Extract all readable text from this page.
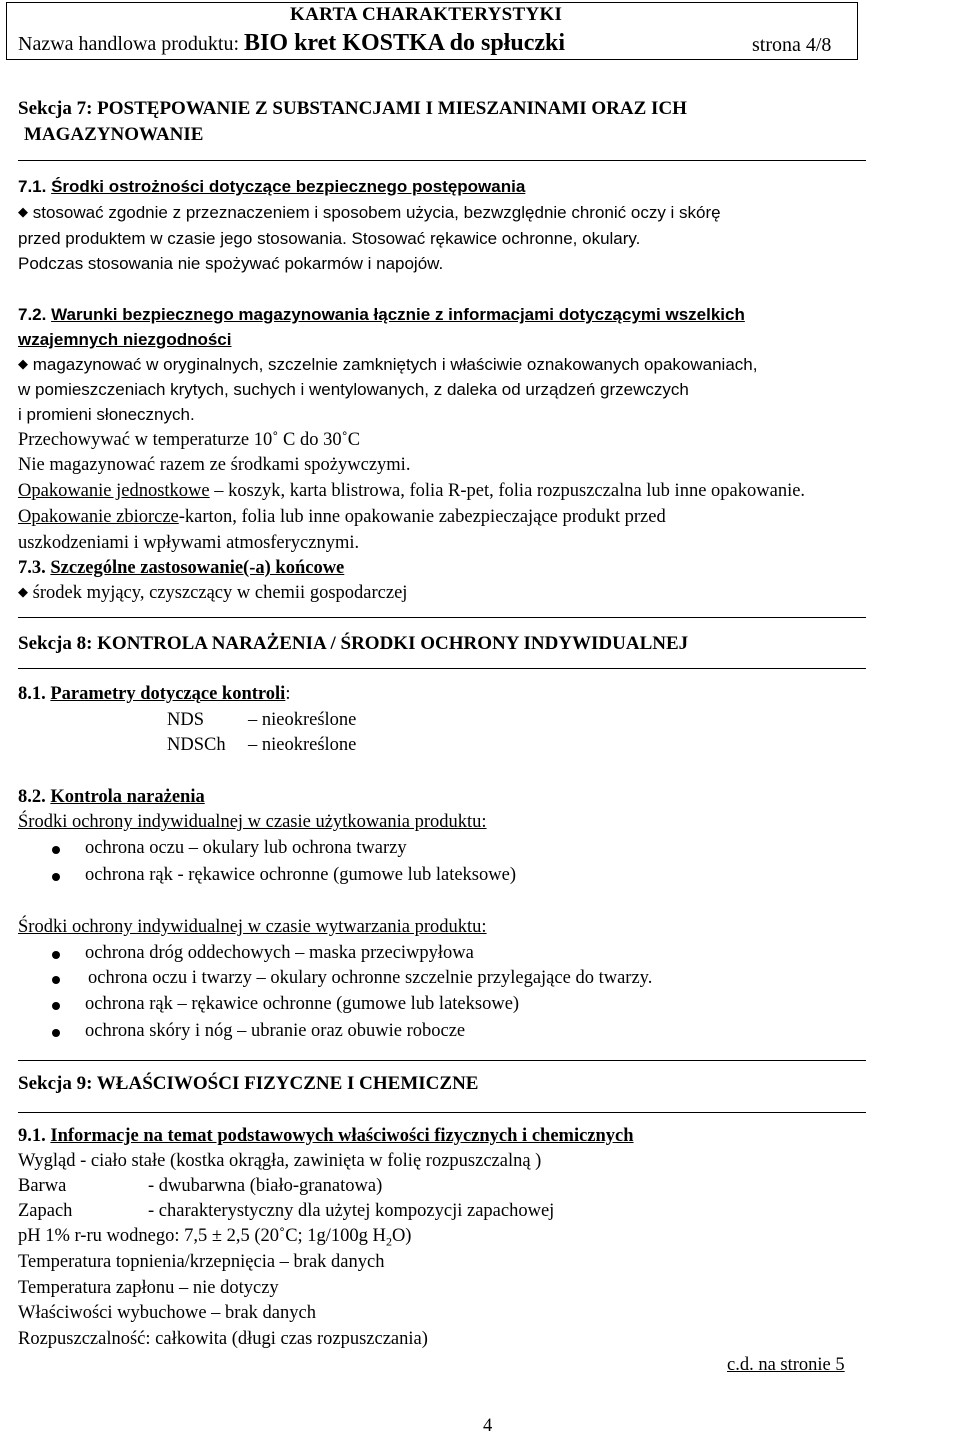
KARTA CHARAKTERYSTYKI
Nazwa handlowa produktu: BIO kret KOSTKA do spłuczki	strona 4/8
Sekcja 7: POSTĘPOWANIE Z SUBSTANCJAMI I MIESZANINAMI ORAZ ICH
MAGAZYNOWANIE
7.1. Środki ostrożności dotyczące bezpiecznego postępowania
◆ stosować zgodnie z przeznaczeniem i sposobem użycia, bezwzględnie chronić oczy i skórę
przed produktem w czasie jego stosowania. Stosować rękawice ochronne, okulary.
Podczas stosowania nie spożywać pokarmów i napojów.
7.2. Warunki bezpiecznego magazynowania łącznie z informacjami dotyczącymi wszelkich
wzajemnych niezgodności
◆ magazynować w oryginalnych, szczelnie zamkniętych i właściwie oznakowanych opakowaniach,
w pomieszczeniach krytych, suchych i wentylowanych, z daleka od urządzeń grzewczych
i promieni słonecznych.
Przechowywać w temperaturze 10˚ C do 30˚C
Nie magazynować razem ze środkami spożywczymi.
Opakowanie jednostkowe – koszyk, karta blistrowa, folia R-pet, folia rozpuszczalna lub inne opakowanie.
Opakowanie zbiorcze-karton, folia lub inne opakowanie zabezpieczające produkt przed
uszkodzeniami i wpływami atmosferycznymi.
7.3. Szczególne zastosowanie(-a) końcowe
◆ środek myjący, czyszczący w chemii gospodarczej
Sekcja 8: KONTROLA NARAŻENIA / ŚRODKI OCHRONY INDYWIDUALNEJ
8.1. Parametry dotyczące kontroli:
NDS – nieokreślone
NDSCh – nieokreślone
8.2. Kontrola narażenia
Środki ochrony indywidualnej w czasie użytkowania produktu:
ochrona oczu – okulary lub ochrona twarzy
ochrona rąk - rękawice ochronne (gumowe lub lateksowe)
Środki ochrony indywidualnej w czasie wytwarzania produktu:
ochrona dróg oddechowych – maska przeciwpyłowa
ochrona oczu i twarzy – okulary ochronne szczelnie przylegające do twarzy.
ochrona rąk – rękawice ochronne (gumowe lub lateksowe)
ochrona skóry i nóg – ubranie oraz obuwie robocze
Sekcja 9: WŁAŚCIWOŚCI FIZYCZNE I CHEMICZNE
9.1. Informacje na temat podstawowych właściwości fizycznych i chemicznych
Wygląd - ciało stałe (kostka okrągła, zawinięta w folię rozpuszczalną )
Barwa	- dwubarwna (biało-granatowa)
Zapach	- charakterystyczny dla użytej kompozycji zapachowej
pH 1% r-ru wodnego: 7,5 ± 2,5 (20˚C; 1g/100g $H_2O$)
Temperatura topnienia/krzepnięcia – brak danych
Temperatura zapłonu – nie dotyczy
Właściwości wybuchowe – brak danych
Rozpuszczalność: całkowita (długi czas rozpuszczania)
c.d. na stronie 5
4
